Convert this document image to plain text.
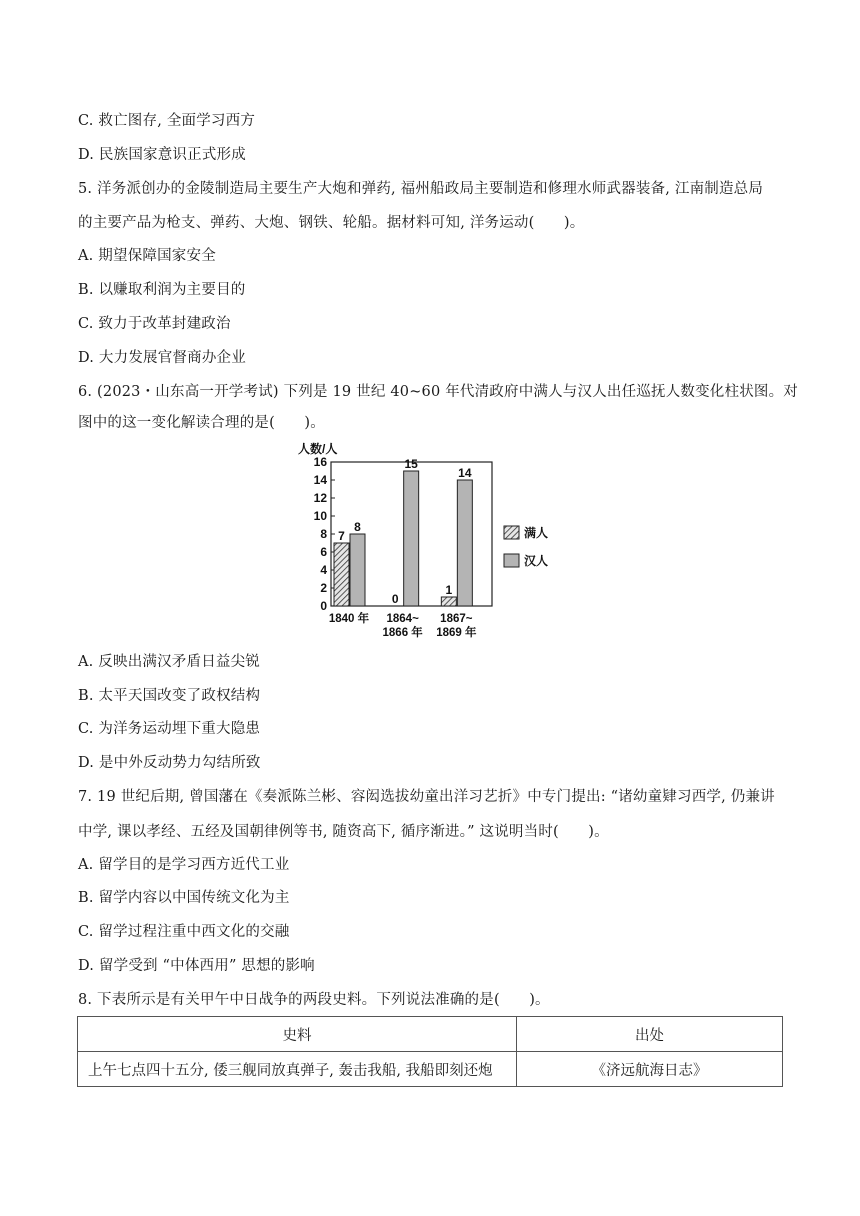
C. 救亡图存, 全面学习西方
D. 民族国家意识正式形成
5. 洋务派创办的金陵制造局主要生产大炮和弹药, 福州船政局主要制造和修理水师武器装备, 江南制造总局
的主要产品为枪支、弹药、大炮、钢铁、轮船。据材料可知, 洋务运动(　　)。
A. 期望保障国家安全
B. 以赚取利润为主要目的
C. 致力于改革封建政治
D. 大力发展官督商办企业
6. (2023・山东高一开学考试) 下列是 19 世纪 40~60 年代清政府中满人与汉人出任巡抚人数变化柱状图。对
图中的这一变化解读合理的是(　　)。
人数/人
0
2
4
6
8
10
12
14
16
7
8
1840 年
0
15
1864~
1866 年
1
14
1867~
1869 年
满人
汉人
A. 反映出满汉矛盾日益尖锐
B. 太平天国改变了政权结构
C. 为洋务运动埋下重大隐患
D. 是中外反动势力勾结所致
7. 19 世纪后期, 曾国藩在《奏派陈兰彬、容闳选拔幼童出洋习艺折》中专门提出: “诸幼童肄习西学, 仍兼讲
中学, 课以孝经、五经及国朝律例等书, 随资高下, 循序渐进。” 这说明当时(　　)。
A. 留学目的是学习西方近代工业
B. 留学内容以中国传统文化为主
C. 留学过程注重中西文化的交融
D. 留学受到 “中体西用” 思想的影响
8. 下表所示是有关甲午中日战争的两段史料。下列说法准确的是(　　)。
史料	出处
上午七点四十五分, 倭三舰同放真弹子, 轰击我船, 我船即刻还炮	《济远航海日志》
